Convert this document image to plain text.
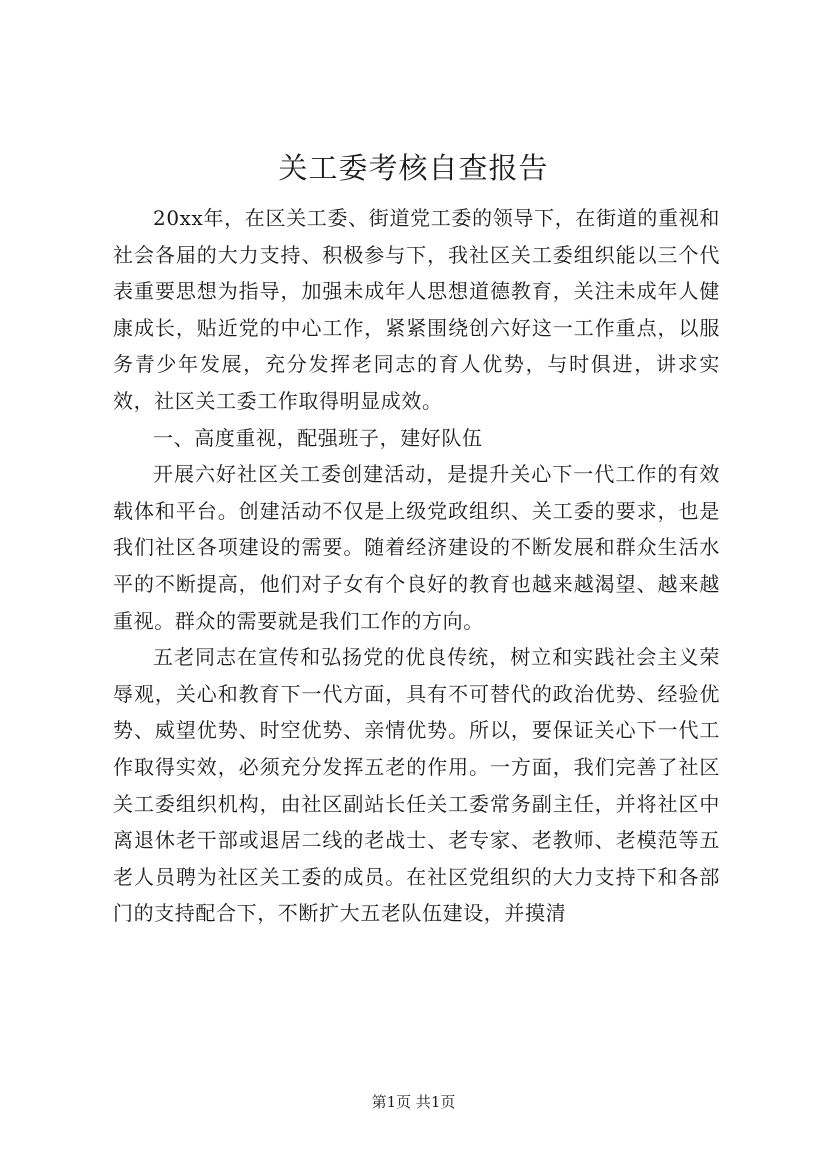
关工委考核自查报告

20xx年，在区关工委、街道党工委的领导下，在街道的重视和社会各届的大力支持、积极参与下，我社区关工委组织能以三个代表重要思想为指导，加强未成年人思想道德教育，关注未成年人健康成长，贴近党的中心工作，紧紧围绕创六好这一工作重点，以服务青少年发展，充分发挥老同志的育人优势，与时俱进，讲求实效，社区关工委工作取得明显成效。

一、高度重视，配强班子，建好队伍

开展六好社区关工委创建活动，是提升关心下一代工作的有效载体和平台。创建活动不仅是上级党政组织、关工委的要求，也是我们社区各项建设的需要。随着经济建设的不断发展和群众生活水平的不断提高，他们对子女有个良好的教育也越来越渴望、越来越重视。群众的需要就是我们工作的方向。

五老同志在宣传和弘扬党的优良传统，树立和实践社会主义荣辱观，关心和教育下一代方面，具有不可替代的政治优势、经验优势、威望优势、时空优势、亲情优势。所以，要保证关心下一代工作取得实效，必须充分发挥五老的作用。一方面，我们完善了社区关工委组织机构，由社区副站长任关工委常务副主任，并将社区中离退休老干部或退居二线的老战士、老专家、老教师、老模范等五老人员聘为社区关工委的成员。在社区党组织的大力支持下和各部门的支持配合下，不断扩大五老队伍建设，并摸清

第1页 共1页
